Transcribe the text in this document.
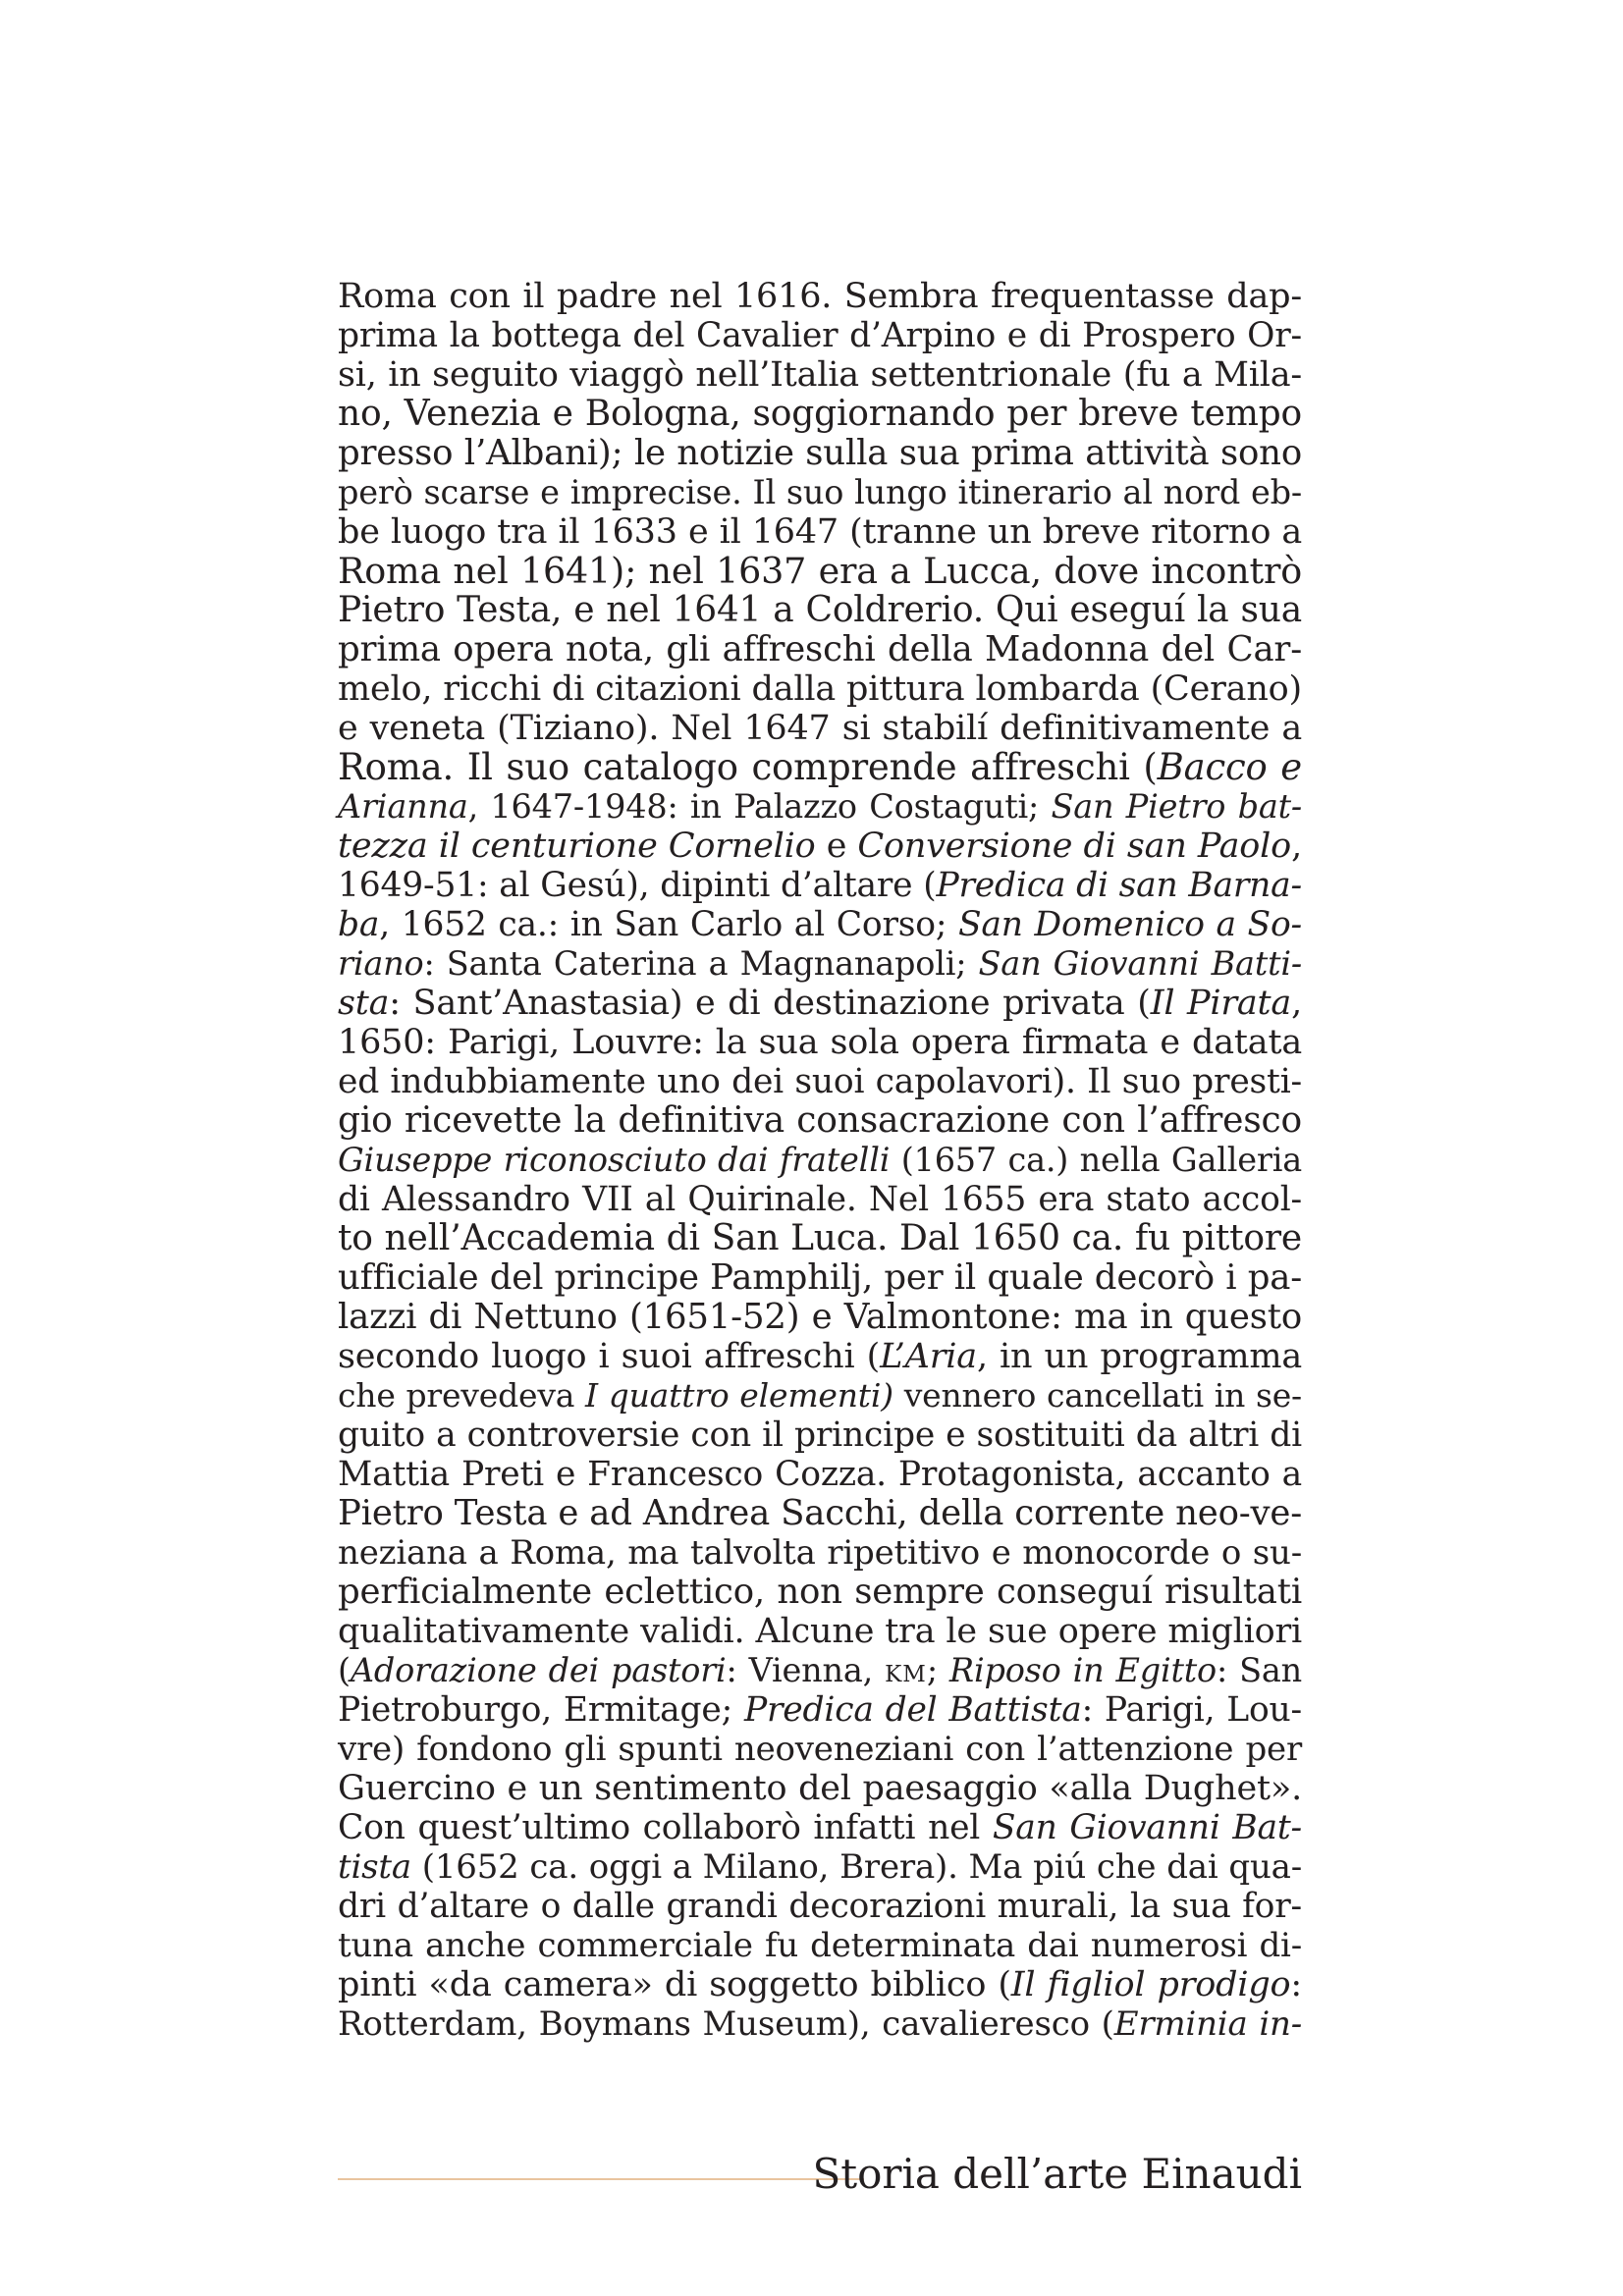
Roma con il padre nel 1616. Sembra frequentasse dap-
prima la bottega del Cavalier d’Arpino e di Prospero Or-
si, in seguito viaggò nell’Italia settentrionale (fu a Mila-
no, Venezia e Bologna, soggiornando per breve tempo
presso l’Albani); le notizie sulla sua prima attività sono
però scarse e imprecise. Il suo lungo itinerario al nord eb-
be luogo tra il 1633 e il 1647 (tranne un breve ritorno a
Roma nel 1641); nel 1637 era a Lucca, dove incontrò
Pietro Testa, e nel 1641 a Coldrerio. Qui eseguí la sua
prima opera nota, gli affreschi della Madonna del Car-
melo, ricchi di citazioni dalla pittura lombarda (Cerano)
e veneta (Tiziano). Nel 1647 si stabilí definitivamente a
Roma. Il suo catalogo comprende affreschi (Bacco e
Arianna, 1647-1948: in Palazzo Costaguti; San Pietro bat-
tezza il centurione Cornelio e Conversione di san Paolo,
1649-51: al Gesú), dipinti d’altare (Predica di san Barna-
ba, 1652 ca.: in San Carlo al Corso; San Domenico a So-
riano: Santa Caterina a Magnanapoli; San Giovanni Batti-
sta: Sant’Anastasia) e di destinazione privata (Il Pirata,
1650: Parigi, Louvre: la sua sola opera firmata e datata
ed indubbiamente uno dei suoi capolavori). Il suo presti-
gio ricevette la definitiva consacrazione con l’affresco
Giuseppe riconosciuto dai fratelli (1657 ca.) nella Galleria
di Alessandro VII al Quirinale. Nel 1655 era stato accol-
to nell’Accademia di San Luca. Dal 1650 ca. fu pittore
ufficiale del principe Pamphilj, per il quale decorò i pa-
lazzi di Nettuno (1651-52) e Valmontone: ma in questo
secondo luogo i suoi affreschi (L’Aria, in un programma
che prevedeva I quattro elementi) vennero cancellati in se-
guito a controversie con il principe e sostituiti da altri di
Mattia Preti e Francesco Cozza. Protagonista, accanto a
Pietro Testa e ad Andrea Sacchi, della corrente neo-ve-
neziana a Roma, ma talvolta ripetitivo e monocorde o su-
perficialmente eclettico, non sempre conseguí risultati
qualitativamente validi. Alcune tra le sue opere migliori
(Adorazione dei pastori: Vienna, km; Riposo in Egitto: San
Pietroburgo, Ermitage; Predica del Battista: Parigi, Lou-
vre) fondono gli spunti neoveneziani con l’attenzione per
Guercino e un sentimento del paesaggio «alla Dughet».
Con quest’ultimo collaborò infatti nel San Giovanni Bat-
tista (1652 ca. oggi a Milano, Brera). Ma piú che dai qua-
dri d’altare o dalle grandi decorazioni murali, la sua for-
tuna anche commerciale fu determinata dai numerosi di-
pinti «da camera» di soggetto biblico (Il figliol prodigo:
Rotterdam, Boymans Museum), cavalieresco (Erminia in-
Storia dell’arte Einaudi
